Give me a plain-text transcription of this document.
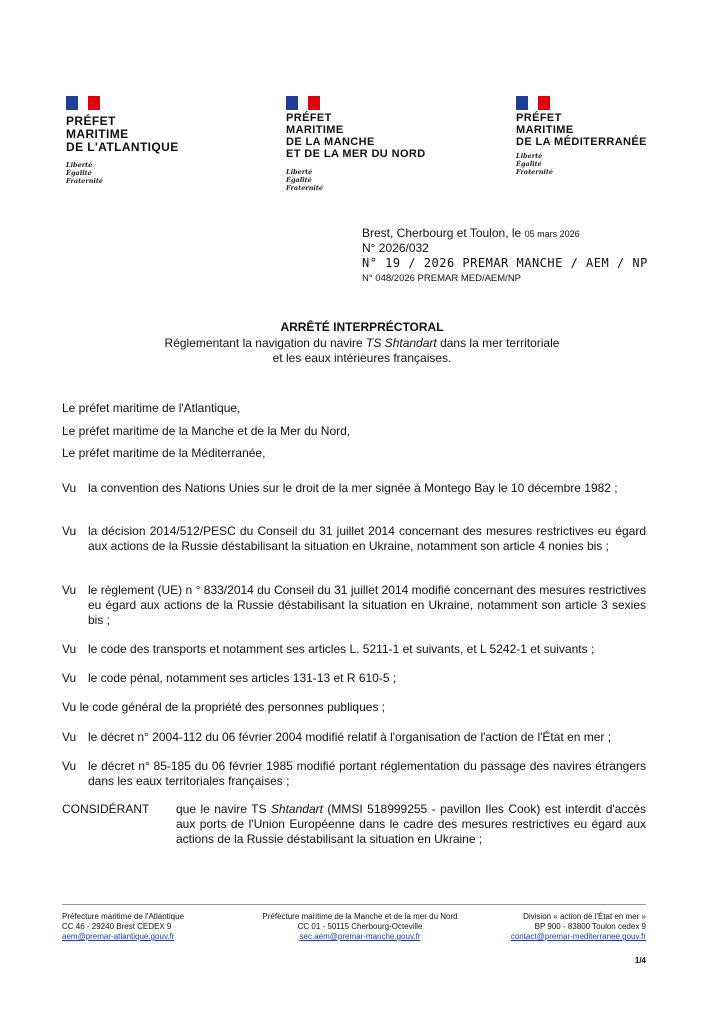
PRÉFET
MARITIME
DE L'ATLANTIQUE
Liberté
Égalité
Fraternité
PRÉFET
MARITIME
DE LA MANCHE
ET DE LA MER DU NORD
Liberté
Égalité
Fraternité
PRÉFET
MARITIME
DE LA MÉDITERRANÉE
Liberté
Égalité
Fraternité
Brest, Cherbourg et Toulon, le 05 mars 2026
N° 2026/032
N° 19 / 2026 PREMAR MANCHE / AEM / NP
N° 048/2026 PREMAR MED/AEM/NP
ARRÊTÉ INTERPRÉCTORAL
Réglementant la navigation du navire TS Shtandart dans la mer territoriale
et les eaux intérieures françaises.
Le préfet maritime de l'Atlantique,
Le préfet maritime de la Manche et de la Mer du Nord,
Le préfet maritime de la Méditerranée,
Vu la convention des Nations Unies sur le droit de la mer signée à Montego Bay le 10 décembre 1982 ;
Vu la décision 2014/512/PESC du Conseil du 31 juillet 2014 concernant des mesures restrictives eu égard aux actions de la Russie déstabilisant la situation en Ukraine, notamment son article 4 nonies bis ;
Vu le règlement (UE) n ° 833/2014 du Conseil du 31 juillet 2014 modifié concernant des mesures restrictives eu égard aux actions de la Russie déstabilisant la situation en Ukraine, notamment son article 3 sexies bis ;
Vu le code des transports et notamment ses articles L. 5211-1 et suivants, et L 5242-1 et suivants ;
Vu le code pénal, notamment ses articles 131-13 et R 610-5 ;
Vu le code général de la propriété des personnes publiques ;
Vu le décret n° 2004-112 du 06 février 2004 modifié relatif à l'organisation de l'action de l'État en mer ;
Vu le décret n° 85-185 du 06 février 1985 modifié portant réglementation du passage des navires étrangers dans les eaux territoriales françaises ;
CONSIDÉRANT que le navire TS Shtandart (MMSI 518999255 - pavillon Iles Cook) est interdit d'accès aux ports de l'Union Européenne dans le cadre des mesures restrictives eu égard aux actions de la Russie déstabilisant la situation en Ukraine ;
Préfecture maritime de l'Atlantique
CC 46 - 29240 Brest CEDEX 9
aem@premar-atlantique.gouv.fr
Préfecture maritime de la Manche et de la mer du Nord
CC 01 - 50115 Cherbourg-Octeville
sec.aem@premar-manche.gouv.fr
Division « action de l'État en mer »
BP 900 - 83800 Toulon cedex 9
contact@premar-mediterranee.gouv.fr
1/4
